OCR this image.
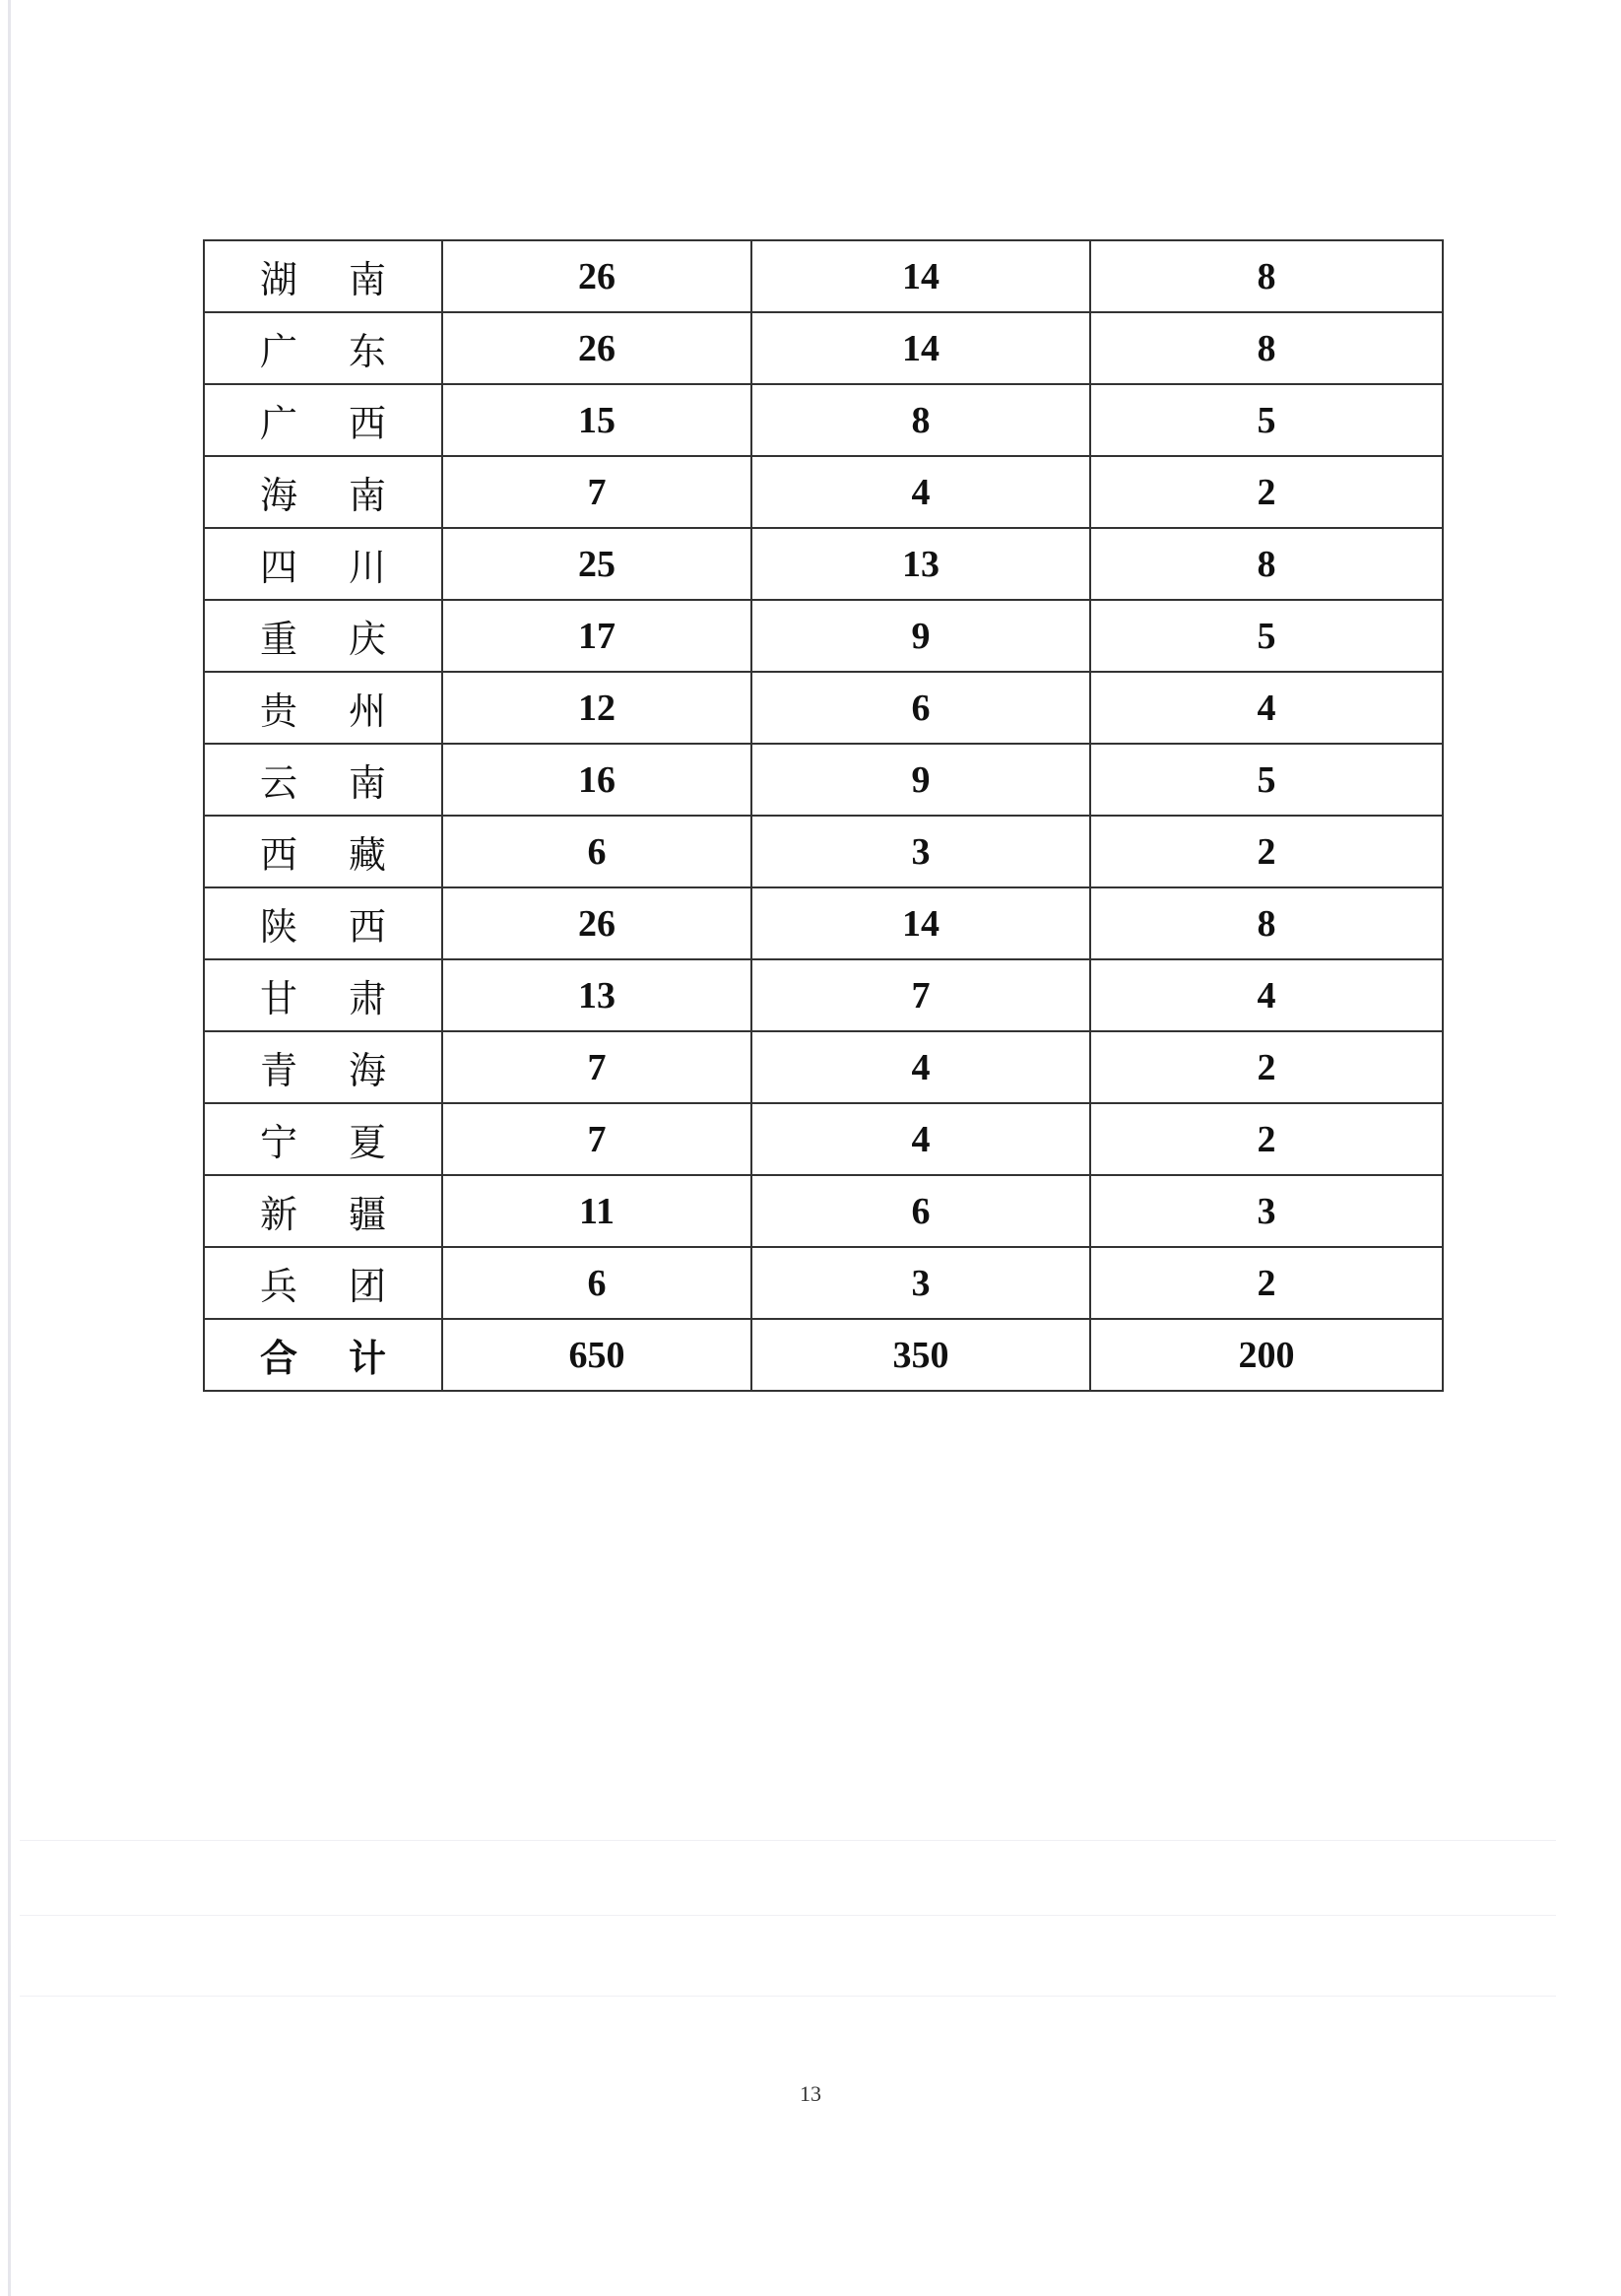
湖南	26	14	8
广东	26	14	8
广西	15	8	5
海南	7	4	2
四川	25	13	8
重庆	17	9	5
贵州	12	6	4
云南	16	9	5
西藏	6	3	2
陕西	26	14	8
甘肃	13	7	4
青海	7	4	2
宁夏	7	4	2
新疆	11	6	3
兵团	6	3	2
合计	650	350	200
13
